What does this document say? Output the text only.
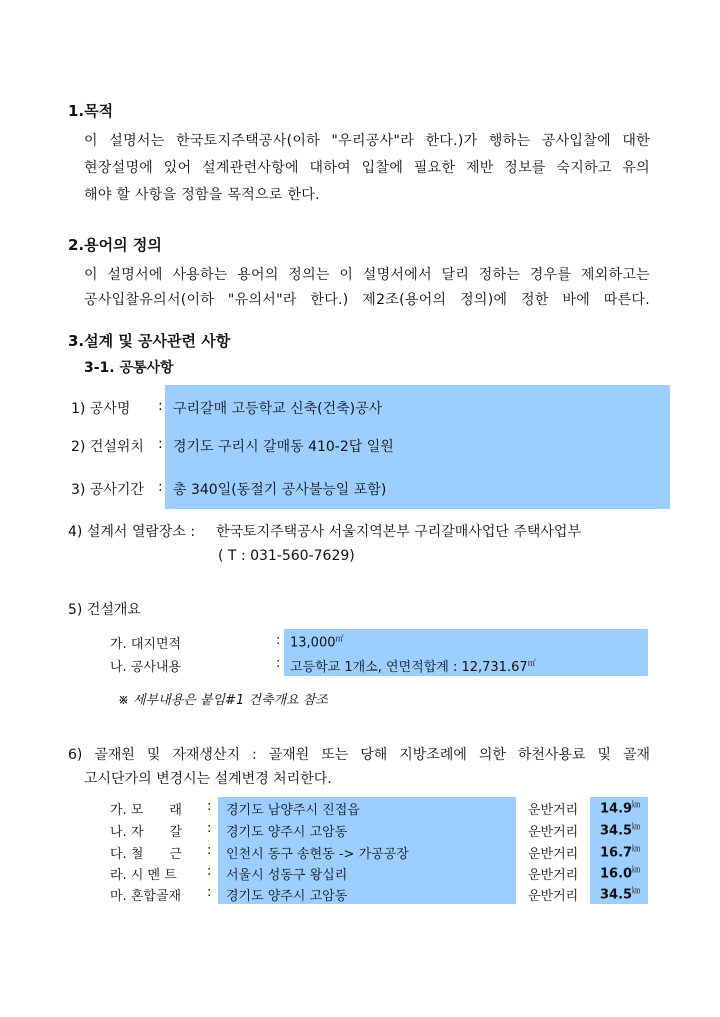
1.목적
이 설명서는 한국토지주택공사(이하 "우리공사"라 한다.)가 행하는 공사입찰에 대한
현장설명에 있어 설계관련사항에 대하여 입찰에 필요한 제반 정보를 숙지하고 유의
해야 할 사항을 정함을 목적으로 한다.
2.용어의 정의
이 설명서에 사용하는 용어의 정의는 이 설명서에서 달리 정하는 경우를 제외하고는
공사입찰유의서(이하 "유의서"라 한다.) 제2조(용어의 정의)에 정한 바에 따른다.
3.설계 및 공사관련 사항
3-1. 공통사항
1) 공사명 : 구리갈매 고등학교 신축(건축)공사
2) 건설위치 : 경기도 구리시 갈매동 410-2답 일원
3) 공사기간 : 총 340일(동절기 공사불능일 포함)
4) 설계서 열람장소 : 한국토지주택공사 서울지역본부 구리갈매사업단 주택사업부
( T : 031-560-7629)
5) 건설개요
가. 대지면적	: 13,000㎡
나. 공사내용	: 고등학교 1개소, 연면적합계 : 12,731.67㎡
※ 세부내용은 붙임#1 건축개요 참조
6) 골재원 및 자재생산지 : 골재원 또는 당해 지방조례에 의한 하천사용료 및 골재
고시단가의 변경시는 설계변경 처리한다.
가. 모　　래 : 경기도 남양주시 진접읍	운반거리 14.9㎞
나. 자　　갈 : 경기도 양주시 고암동	운반거리 34.5㎞
다. 철　　근 : 인천시 동구 송현동 -> 가공공장	운반거리 16.7㎞
라. 시 멘 트 : 서울시 성동구 왕십리	운반거리 16.0㎞
마. 혼합골재 : 경기도 양주시 고암동	운반거리 34.5㎞
